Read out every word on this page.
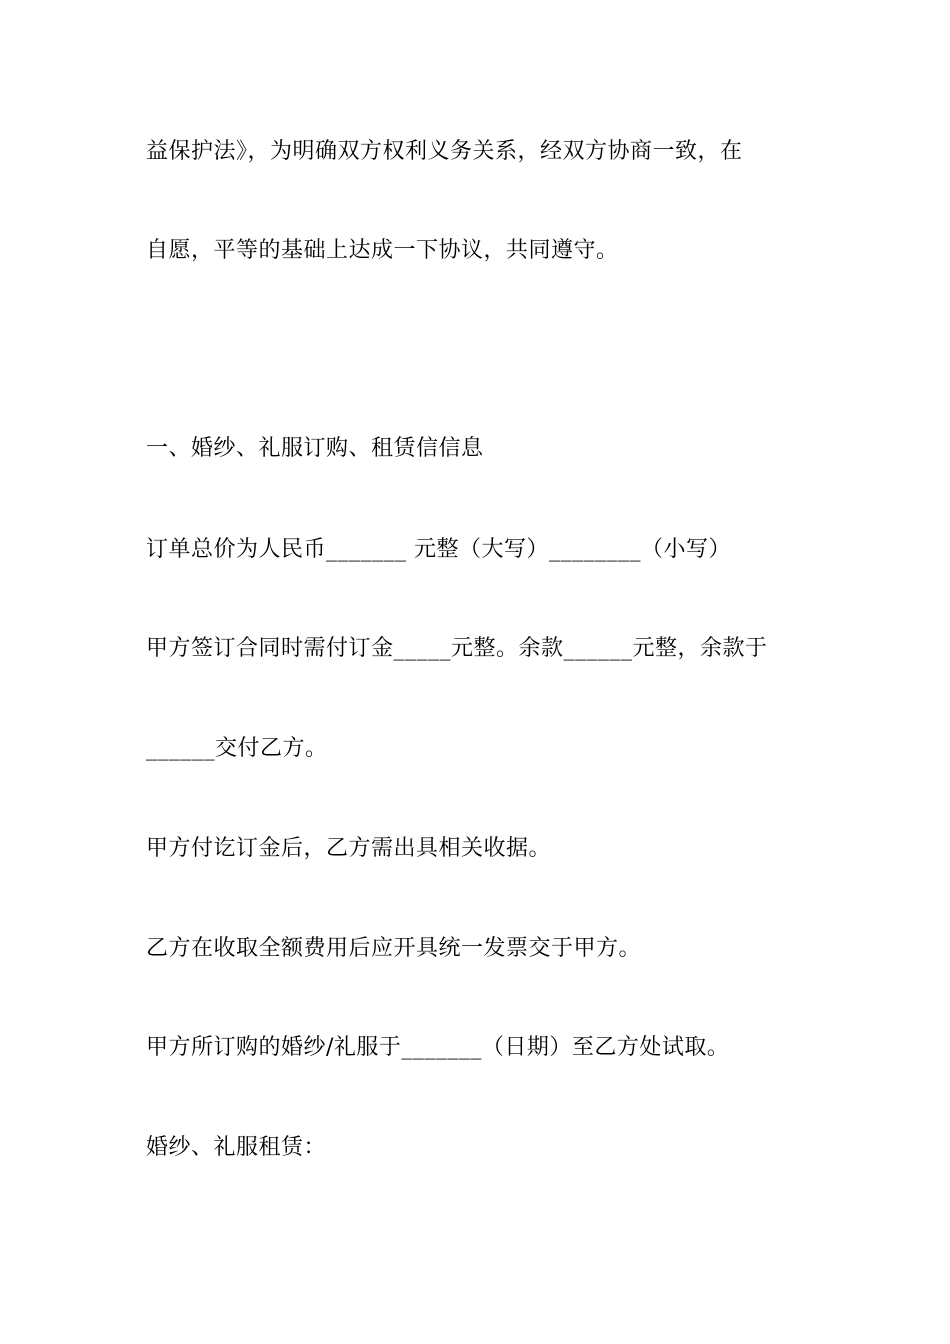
益保护法》，为明确双方权利义务关系，经双方协商一致，在
自愿，平等的基础上达成一下协议，共同遵守。
一、婚纱、礼服订购、租赁信信息
订单总价为人民币_______ 元整（大写）________（小写）
甲方签订合同时需付订金_____元整。余款______元整，余款于
______交付乙方。
甲方付讫订金后，乙方需出具相关收据。
乙方在收取全额费用后应开具统一发票交于甲方。
甲方所订购的婚纱/礼服于_______（日期）至乙方处试取。
婚纱、礼服租赁：
